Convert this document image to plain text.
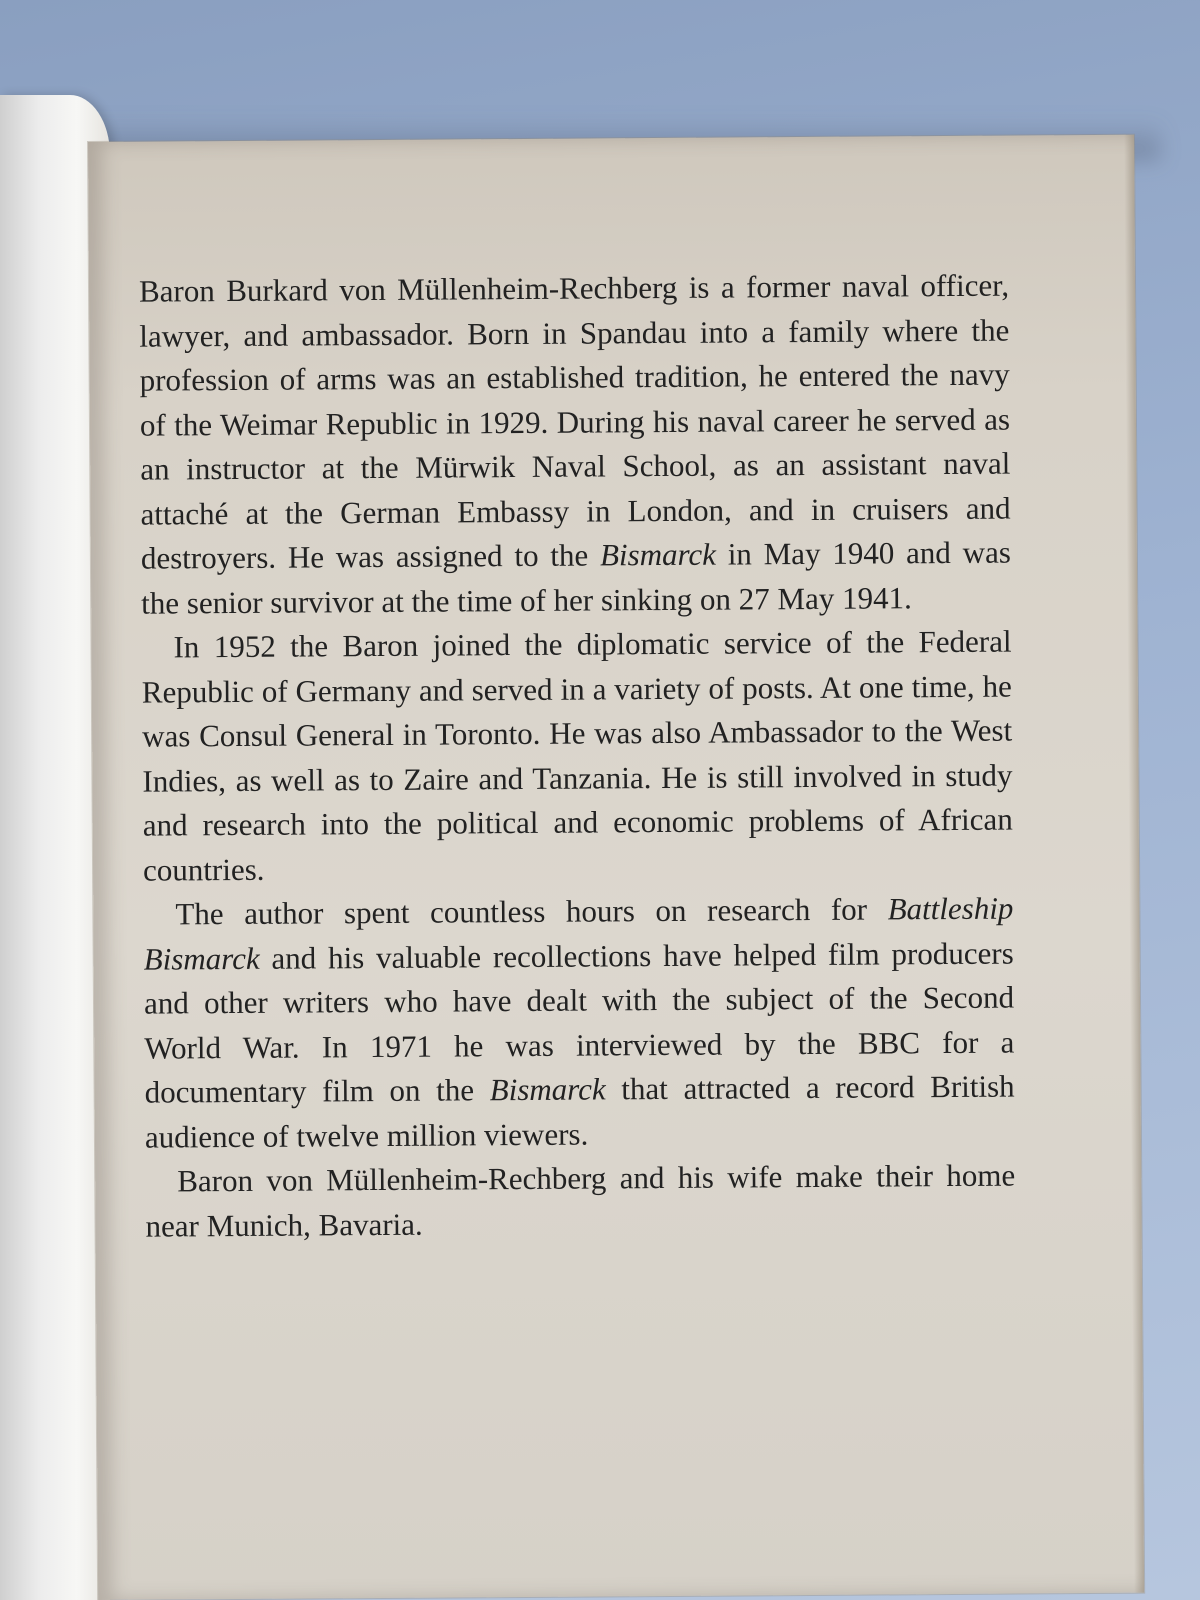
Baron Burkard von Müllenheim-Rechberg is a former naval officer, lawyer, and ambassador. Born in Spandau into a family where the profession of arms was an established tradition, he entered the navy of the Weimar Republic in 1929. During his naval career he served as an instructor at the Mürwik Naval School, as an assistant naval attaché at the German Embassy in London, and in cruisers and destroyers. He was assigned to the Bismarck in May 1940 and was the senior survivor at the time of her sinking on 27 May 1941.

In 1952 the Baron joined the diplomatic service of the Federal Republic of Germany and served in a variety of posts. At one time, he was Consul General in Toronto. He was also Ambassador to the West Indies, as well as to Zaire and Tanzania. He is still involved in study and research into the political and economic problems of African countries.

The author spent countless hours on research for Battleship Bismarck and his valuable recollections have helped film producers and other writers who have dealt with the subject of the Second World War. In 1971 he was interviewed by the BBC for a documentary film on the Bismarck that attracted a record British audience of twelve million viewers.

Baron von Müllenheim-Rechberg and his wife make their home near Munich, Bavaria.
